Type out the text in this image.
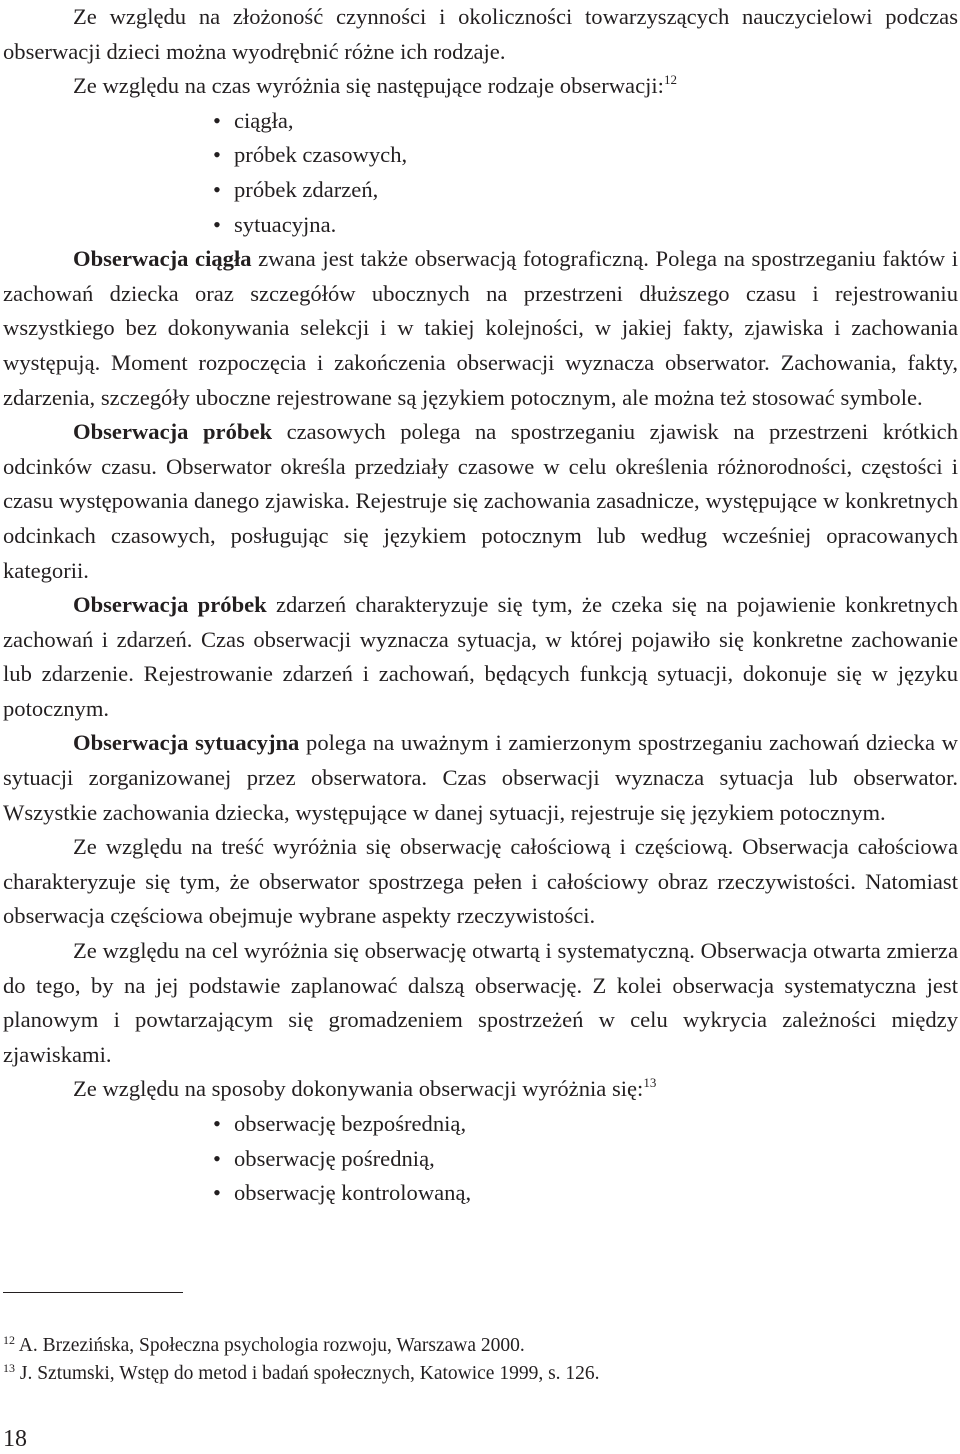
Ze względu na złożoność czynności i okoliczności towarzyszących nauczycielowi podczas obserwacji dzieci można wyodrębnić różne ich rodzaje.

Ze względu na czas wyróżnia się następujące rodzaje obserwacji:$^{12}$

• ciągła,
• próbek czasowych,
• próbek zdarzeń,
• sytuacyjna.

Obserwacja ciągła zwana jest także obserwacją fotograficzną. Polega na spostrzeganiu faktów i zachowań dziecka oraz szczegółów ubocznych na przestrzeni dłuższego czasu i rejestrowaniu wszystkiego bez dokonywania selekcji i w takiej kolejności, w jakiej fakty, zjawiska i zachowania występują. Moment rozpoczęcia i zakończenia obserwacji wyznacza obserwator. Zachowania, fakty, zdarzenia, szczegóły uboczne rejestrowane są językiem potocznym, ale można też stosować symbole.

Obserwacja próbek czasowych polega na spostrzeganiu zjawisk na przestrzeni krótkich odcinków czasu. Obserwator określa przedziały czasowe w celu określenia różnorodności, częstości i czasu występowania danego zjawiska. Rejestruje się zachowania zasadnicze, występujące w konkretnych odcinkach czasowych, posługując się językiem potocznym lub według wcześniej opracowanych kategorii.

Obserwacja próbek zdarzeń charakteryzuje się tym, że czeka się na pojawienie konkretnych zachowań i zdarzeń. Czas obserwacji wyznacza sytuacja, w której pojawiło się konkretne zachowanie lub zdarzenie. Rejestrowanie zdarzeń i zachowań, będących funkcją sytuacji, dokonuje się w języku potocznym.

Obserwacja sytuacyjna polega na uważnym i zamierzonym spostrzeganiu zachowań dziecka w sytuacji zorganizowanej przez obserwatora. Czas obserwacji wyznacza sytuacja lub obserwator. Wszystkie zachowania dziecka, występujące w danej sytuacji, rejestruje się językiem potocznym.

Ze względu na treść wyróżnia się obserwację całościową i częściową. Obserwacja całościowa charakteryzuje się tym, że obserwator spostrzega pełen i całościowy obraz rzeczywistości. Natomiast obserwacja częściowa obejmuje wybrane aspekty rzeczywistości.

Ze względu na cel wyróżnia się obserwację otwartą i systematyczną. Obserwacja otwarta zmierza do tego, by na jej podstawie zaplanować dalszą obserwację. Z kolei obserwacja systematyczna jest planowym i powtarzającym się gromadzeniem spostrzeżeń w celu wykrycia zależności między zjawiskami.

Ze względu na sposoby dokonywania obserwacji wyróżnia się:$^{13}$

• obserwację bezpośrednią,
• obserwację pośrednią,
• obserwację kontrolowaną,
$^{12}$ A. Brzezińska, Społeczna psychologia rozwoju, Warszawa 2000.
$^{13}$ J. Sztumski, Wstęp do metod i badań społecznych, Katowice 1999, s. 126.
18
